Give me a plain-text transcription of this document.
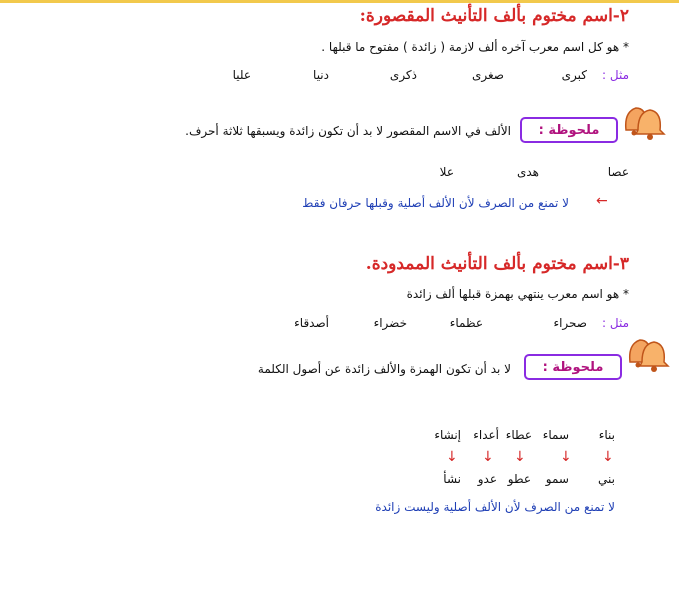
٢-اسم مختوم بألف التأنيث المقصورة:
* هو كل اسم معرب آخره ألف لازمة ( زائدة ) مفتوح ما قبلها .
مثل :
كبرى
صغرى
ذكرى
دنيا
عليا
ملحوظة :
الألف في الاسم المقصور لا بد أن تكون زائدة ويسبقها ثلاثة أحرف.
عصا
هدى
علا
←
لا تمنع من الصرف لأن الألف أصلية وقبلها حرفان فقط
٣-اسم مختوم بألف التأنيث الممدودة.
* هو اسم معرب ينتهي بهمزة قبلها ألف زائدة
مثل :
صحراء
عظماء
خضراء
أصدقاء
ملحوظة :
لا بد أن تكون الهمزة والألف زائدة عن أصول الكلمة
بناء
سماء
عطاء
أعداء
إنشاء
↓
↓
↓
↓
↓
بني
سمو
عطو
عدو
نشأ
لا تمنع من الصرف لأن الألف أصلية وليست زائدة
